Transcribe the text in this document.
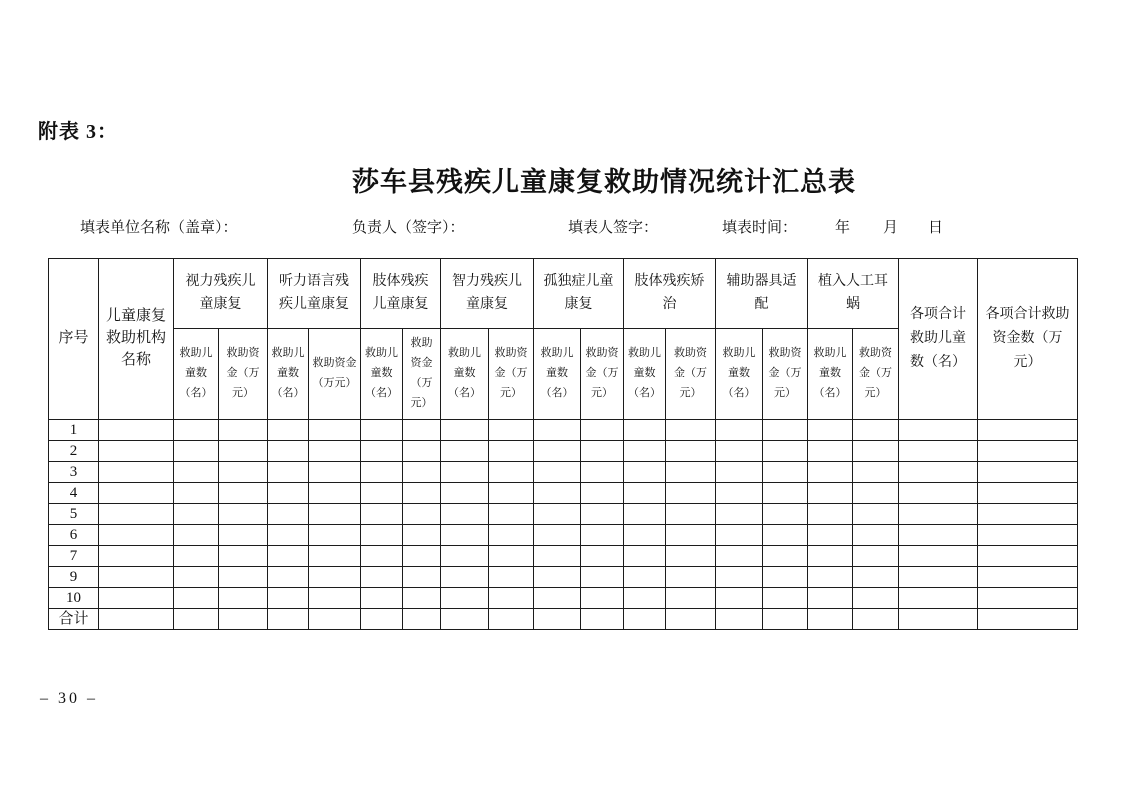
附表 3：
莎车县残疾儿童康复救助情况统计汇总表
填表单位名称（盖章）：	负责人（签字）：	填表人签字：	填表时间：	年 月 日
序号	儿童康复救助机构名称	视力残疾儿童康复		听力语言残疾儿童康复		肢体残疾儿童康复		智力残疾儿童康复		孤独症儿童康复		肢体残疾矫治		辅助器具适配		植入人工耳蜗		各项合计救助儿童数（名）	各项合计救助资金数（万元）
		救助儿童数（名）	救助资金（万元）	救助儿童数（名）	救助资金（万元）	救助儿童数（名）	救助资金（万元）	救助儿童数（名）	救助资金（万元）	救助儿童数（名）	救助资金（万元）	救助儿童数（名）	救助资金（万元）	救助儿童数（名）	救助资金（万元）	救助儿童数（名）	救助资金（万元）		
1																			
2																			
3																			
4																			
5																			
6																			
7																			
9																			
10																			
合计																			
– 30 –
